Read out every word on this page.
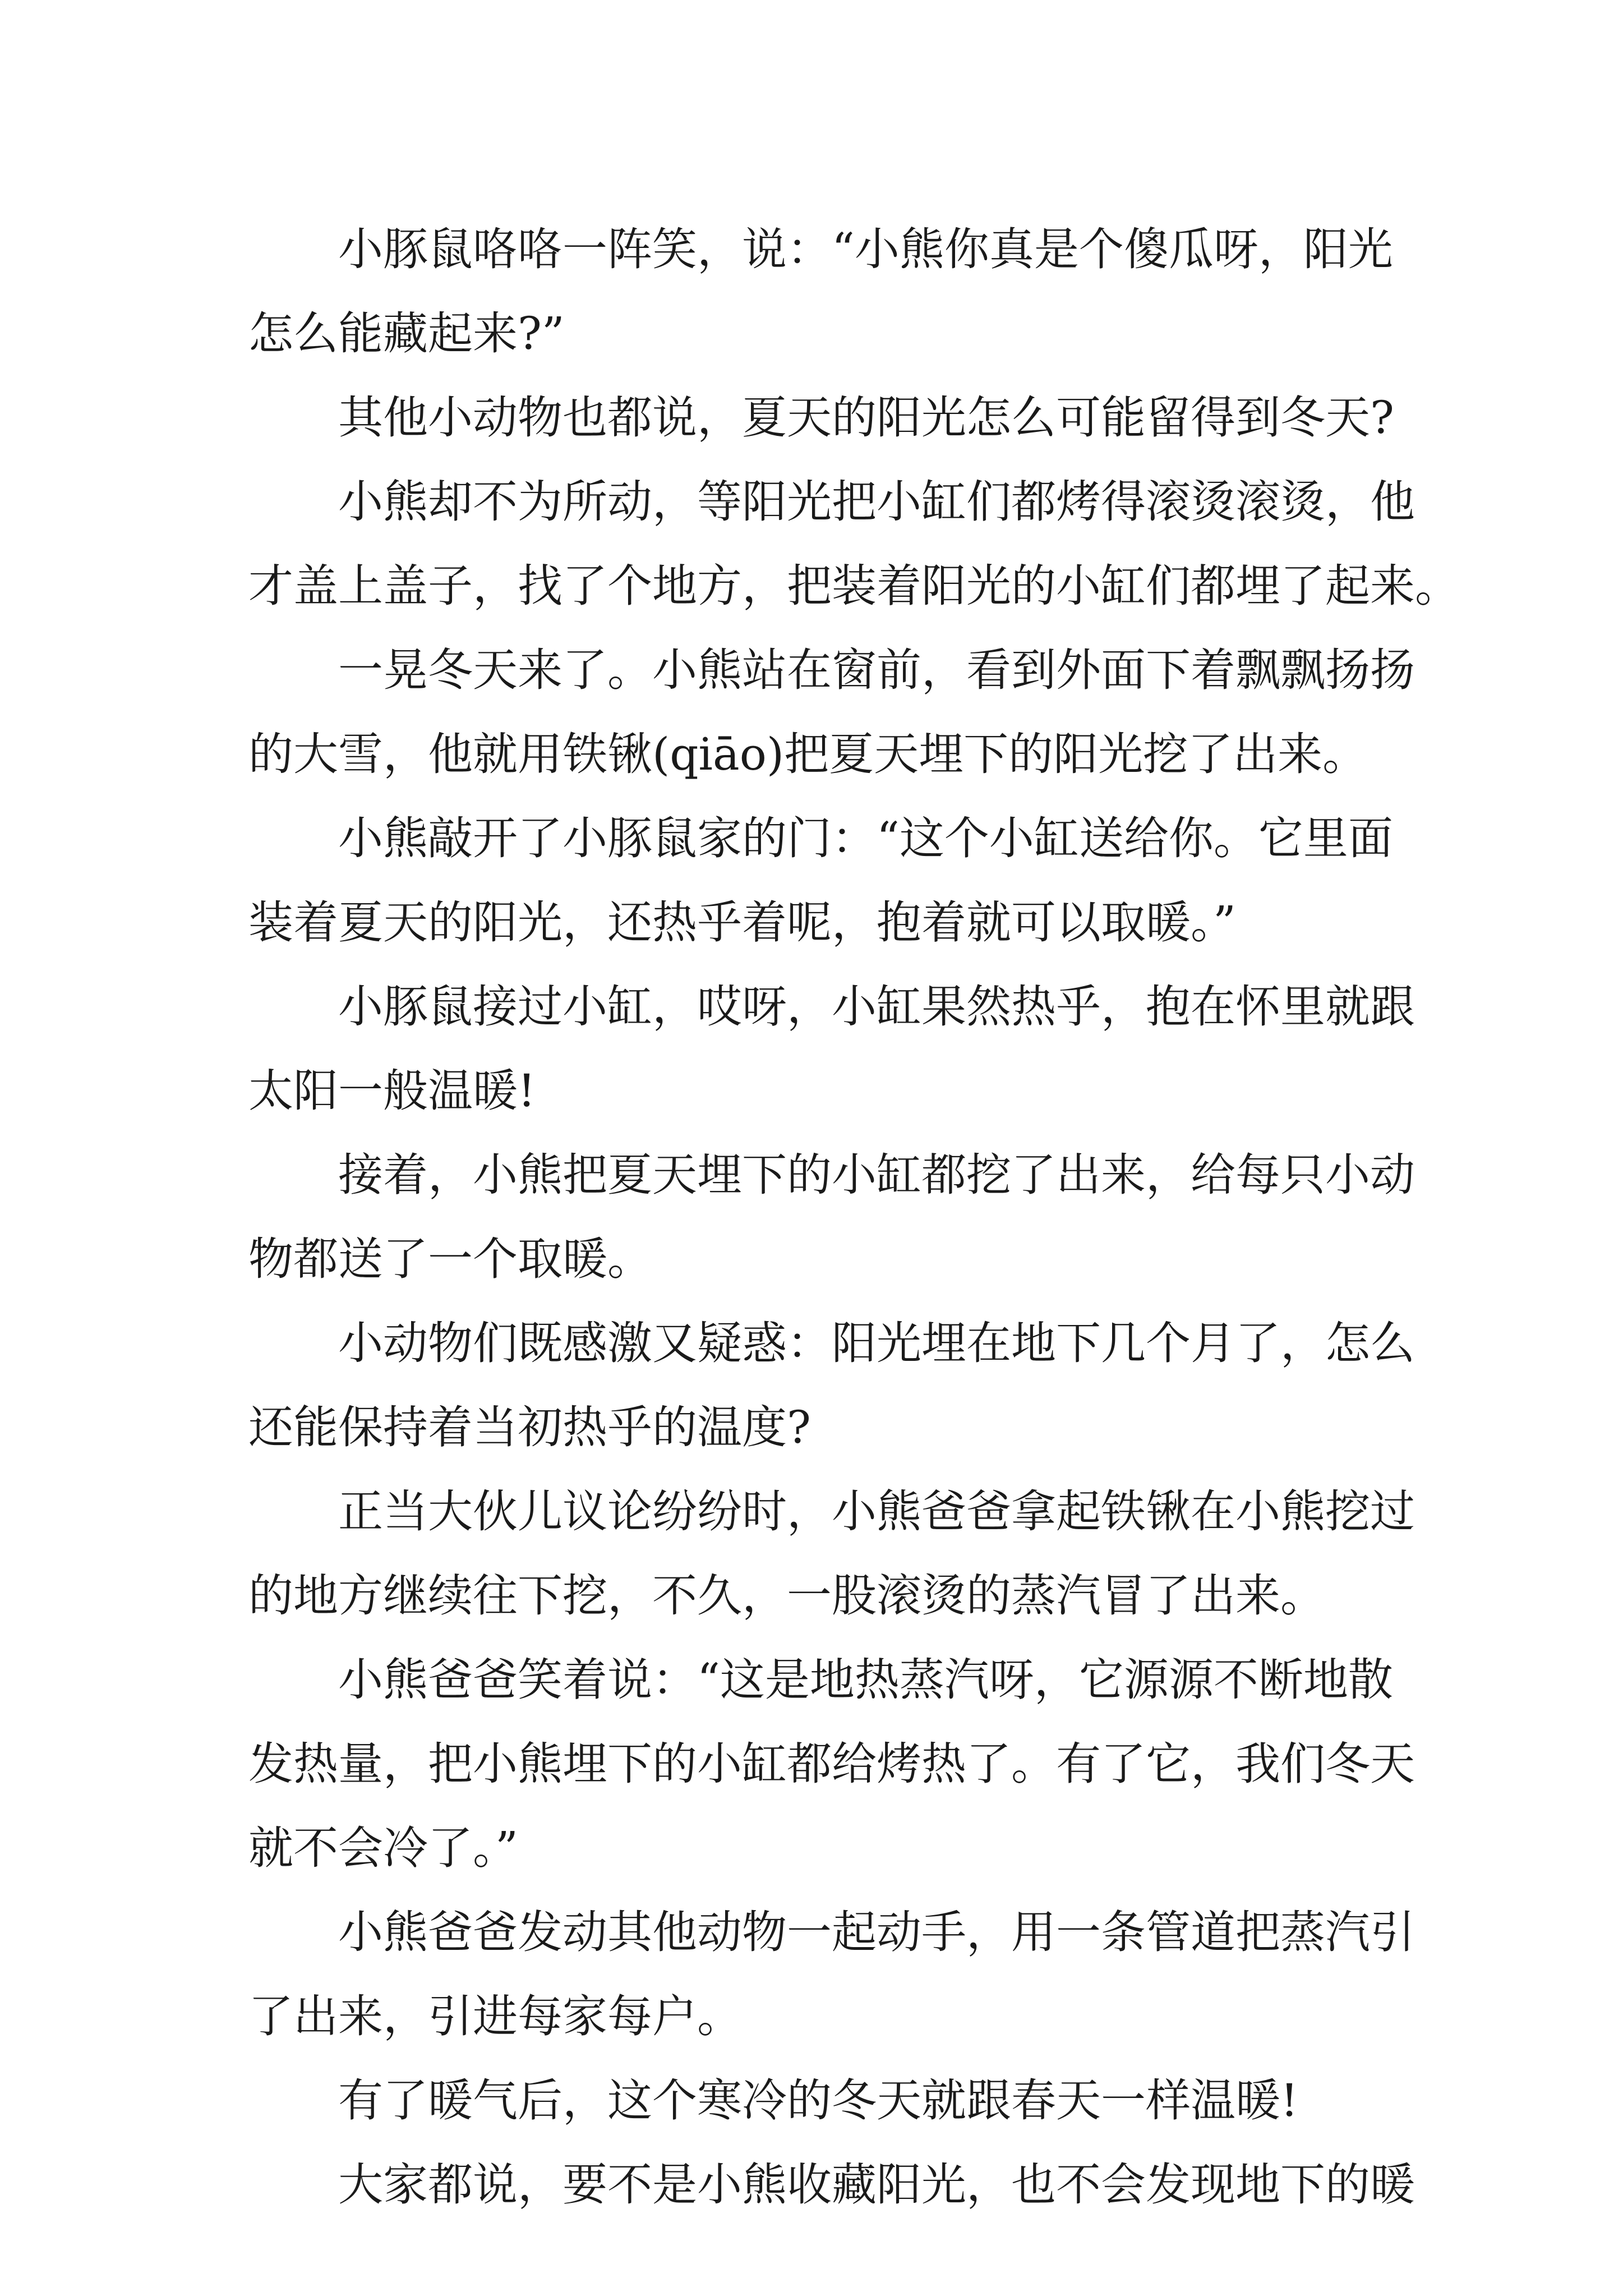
小豚鼠咯咯一阵笑，说：“小熊你真是个傻瓜呀，阳光
怎么能藏起来?”
其他小动物也都说，夏天的阳光怎么可能留得到冬天?
小熊却不为所动，等阳光把小缸们都烤得滚烫滚烫，他
才盖上盖子，找了个地方，把装着阳光的小缸们都埋了起来。
一晃冬天来了。小熊站在窗前，看到外面下着飘飘扬扬
的大雪，他就用铁锹(qiāo)把夏天埋下的阳光挖了出来。
小熊敲开了小豚鼠家的门：“这个小缸送给你。它里面
装着夏天的阳光，还热乎着呢，抱着就可以取暖。”
小豚鼠接过小缸，哎呀，小缸果然热乎，抱在怀里就跟
太阳一般温暖!
接着，小熊把夏天埋下的小缸都挖了出来，给每只小动
物都送了一个取暖。
小动物们既感激又疑惑：阳光埋在地下几个月了，怎么
还能保持着当初热乎的温度?
正当大伙儿议论纷纷时，小熊爸爸拿起铁锹在小熊挖过
的地方继续往下挖，不久，一股滚烫的蒸汽冒了出来。
小熊爸爸笑着说：“这是地热蒸汽呀，它源源不断地散
发热量，把小熊埋下的小缸都给烤热了。有了它，我们冬天
就不会冷了。”
小熊爸爸发动其他动物一起动手，用一条管道把蒸汽引
了出来，引进每家每户。
有了暖气后，这个寒冷的冬天就跟春天一样温暖!
大家都说，要不是小熊收藏阳光，也不会发现地下的暖
